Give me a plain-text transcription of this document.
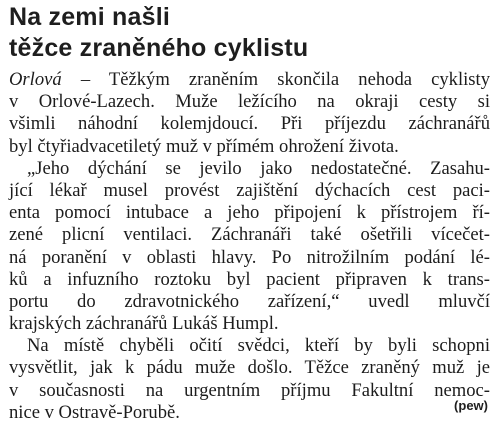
Na zemi našli
těžce zraněného cyklistu
Orlová – Těžkým zraněním skončila nehoda cyklisty
v Orlové-Lazech. Muže ležícího na okraji cesty si
všimli náhodní kolemjdoucí. Při příjezdu záchranářů
byl čtyřiadvacetiletý muž v přímém ohrožení života.
„Jeho dýchání se jevilo jako nedostatečné. Zasahu-
jící lékař musel provést zajištění dýchacích cest paci-
enta pomocí intubace a jeho připojení k přístrojem ří-
zené plicní ventilaci. Záchranáři také ošetřili vícečet-
ná poranění v oblasti hlavy. Po nitrožilním podání lé-
ků a infuzního roztoku byl pacient připraven k trans-
portu do zdravotnického zařízení,“ uvedl mluvčí
krajských záchranářů Lukáš Humpl.
Na místě chyběli očití svědci, kteří by byli schopni
vysvětlit, jak k pádu muže došlo. Těžce zraněný muž je
v současnosti na urgentním příjmu Fakultní nemoc-
nice v Ostravě-Porubě.	(pew)
